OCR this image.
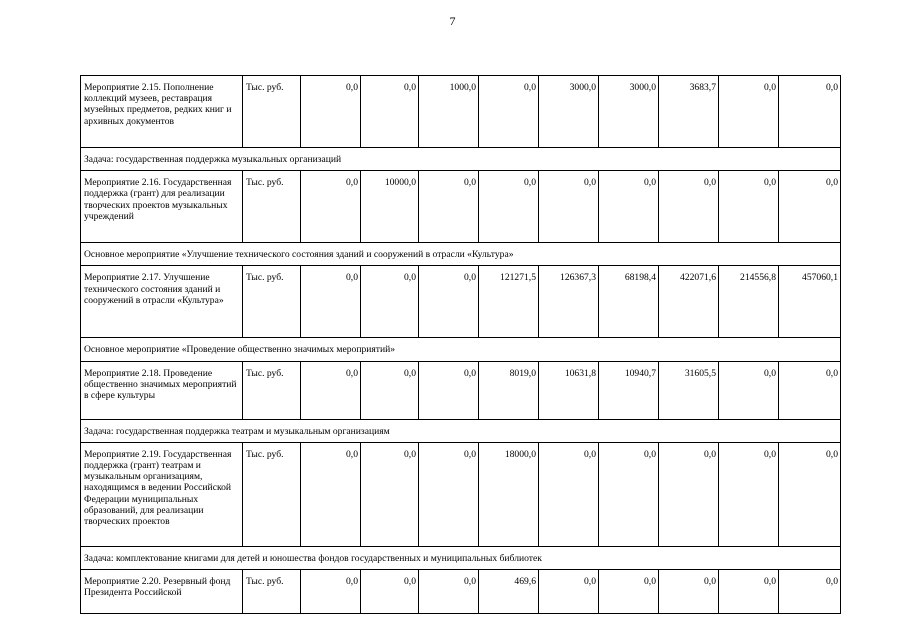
7
Мероприятие 2.15. Пополнение коллекций музеев, реставрация музейных предметов, редких книг и архивных документов	Тыс. руб.	0,0	0,0	1000,0	0,0	3000,0	3000,0	3683,7	0,0	0,0
Задача: государственная поддержка музыкальных организаций										
Мероприятие 2.16. Государственная поддержка (грант) для реализации творческих проектов музыкальных учреждений	Тыс. руб.	0,0	10000,0	0,0	0,0	0,0	0,0	0,0	0,0	0,0
Основное мероприятие «Улучшение технического состояния зданий и сооружений в отрасли «Культура»										
Мероприятие 2.17. Улучшение технического состояния зданий и сооружений в отрасли «Культура»	Тыс. руб.	0,0	0,0	0,0	121271,5	126367,3	68198,4	422071,6	214556,8	457060,1
Основное мероприятие «Проведение общественно значимых мероприятий»										
Мероприятие 2.18. Проведение общественно значимых мероприятий в сфере культуры	Тыс. руб.	0,0	0,0	0,0	8019,0	10631,8	10940,7	31605,5	0,0	0,0
Задача: государственная поддержка театрам и музыкальным организациям										
Мероприятие 2.19. Государственная поддержка (грант) театрам и музыкальным организациям, находящимся в ведении Российской Федерации муниципальных образований, для реализации творческих проектов	Тыс. руб.	0,0	0,0	0,0	18000,0	0,0	0,0	0,0	0,0	0,0
Задача: комплектование книгами для детей и юношества фондов государственных и муниципальных библиотек										
Мероприятие 2.20. Резервный фонд Президента Российской	Тыс. руб.	0,0	0,0	0,0	469,6	0,0	0,0	0,0	0,0	0,0
